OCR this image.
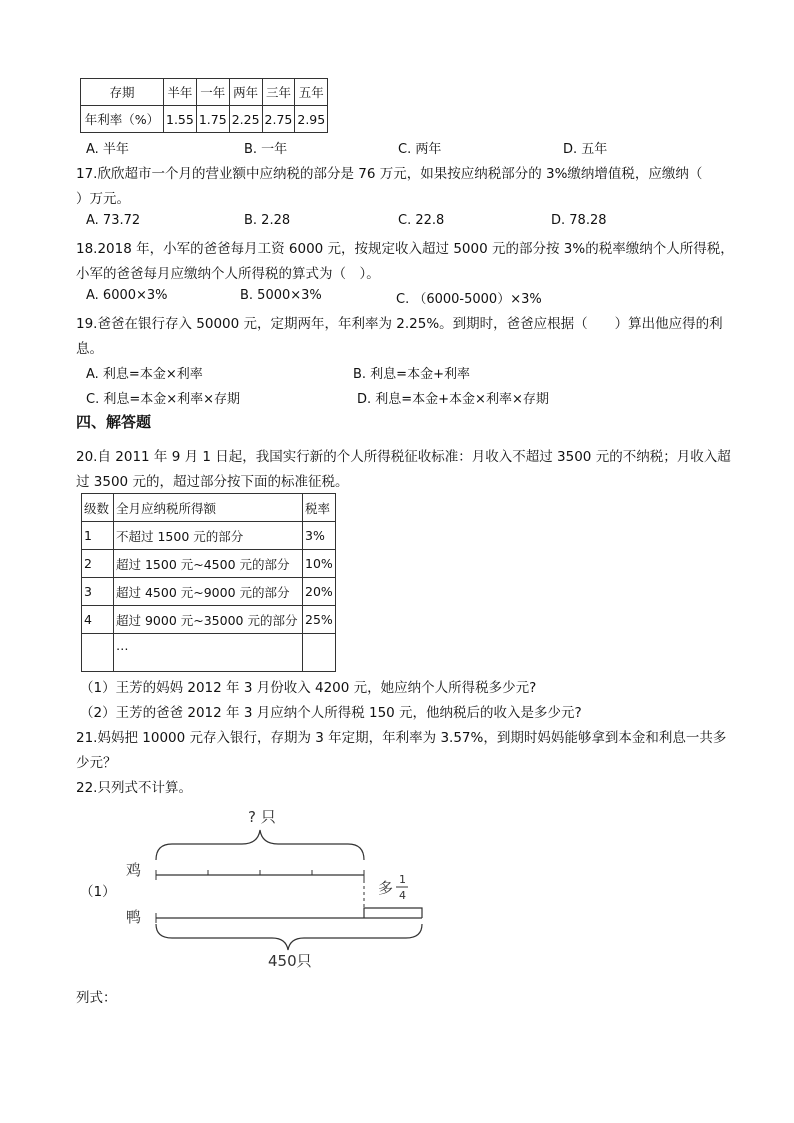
存期	半年	一年	两年	三年	五年
年利率（%）	1.55	1.75	2.25	2.75	2.95
A. 半年	B. 一年	C. 两年	D. 五年
17.欣欣超市一个月的营业额中应纳税的部分是 76 万元，如果按应纳税部分的 3%缴纳增值税，应缴纳（
）万元。
A. 73.72	B. 2.28	C. 22.8	D. 78.28
18.2018 年，小军的爸爸每月工资 6000 元，按规定收入超过 5000 元的部分按 3%的税率缴纳个人所得税，
小军的爸爸每月应缴纳个人所得税的算式为（　）。
A. 6000×3%	B. 5000×3%	C. （6000-5000）×3%
19.爸爸在银行存入 50000 元，定期两年，年利率为 2.25%。到期时，爸爸应根据（　　）算出他应得的利
息。
A. 利息=本金×利率	B. 利息=本金+利率
C. 利息=本金×利率×存期	D. 利息=本金+本金×利率×存期
四、解答题
20.自 2011 年 9 月 1 日起，我国实行新的个人所得税征收标准：月收入不超过 3500 元的不纳税；月收入超
过 3500 元的，超过部分按下面的标准征税。
级数	全月应纳税所得额	税率
1	不超过 1500 元的部分	3%
2	超过 1500 元~4500 元的部分	10%
3	超过 4500 元~9000 元的部分	20%
4	超过 9000 元~35000 元的部分	25%
	…	
（1）王芳的妈妈 2012 年 3 月份收入 4200 元，她应纳个人所得税多少元?
（2）王芳的爸爸 2012 年 3 月应纳个人所得税 150 元，他纳税后的收入是多少元?
21.妈妈把 10000 元存入银行，存期为 3 年定期，年利率为 3.57%，到期时妈妈能够拿到本金和利息一共多
少元？
22.只列式不计算。
（1）
? 只
鸡
多 1
4
鸭
450只
列式：
